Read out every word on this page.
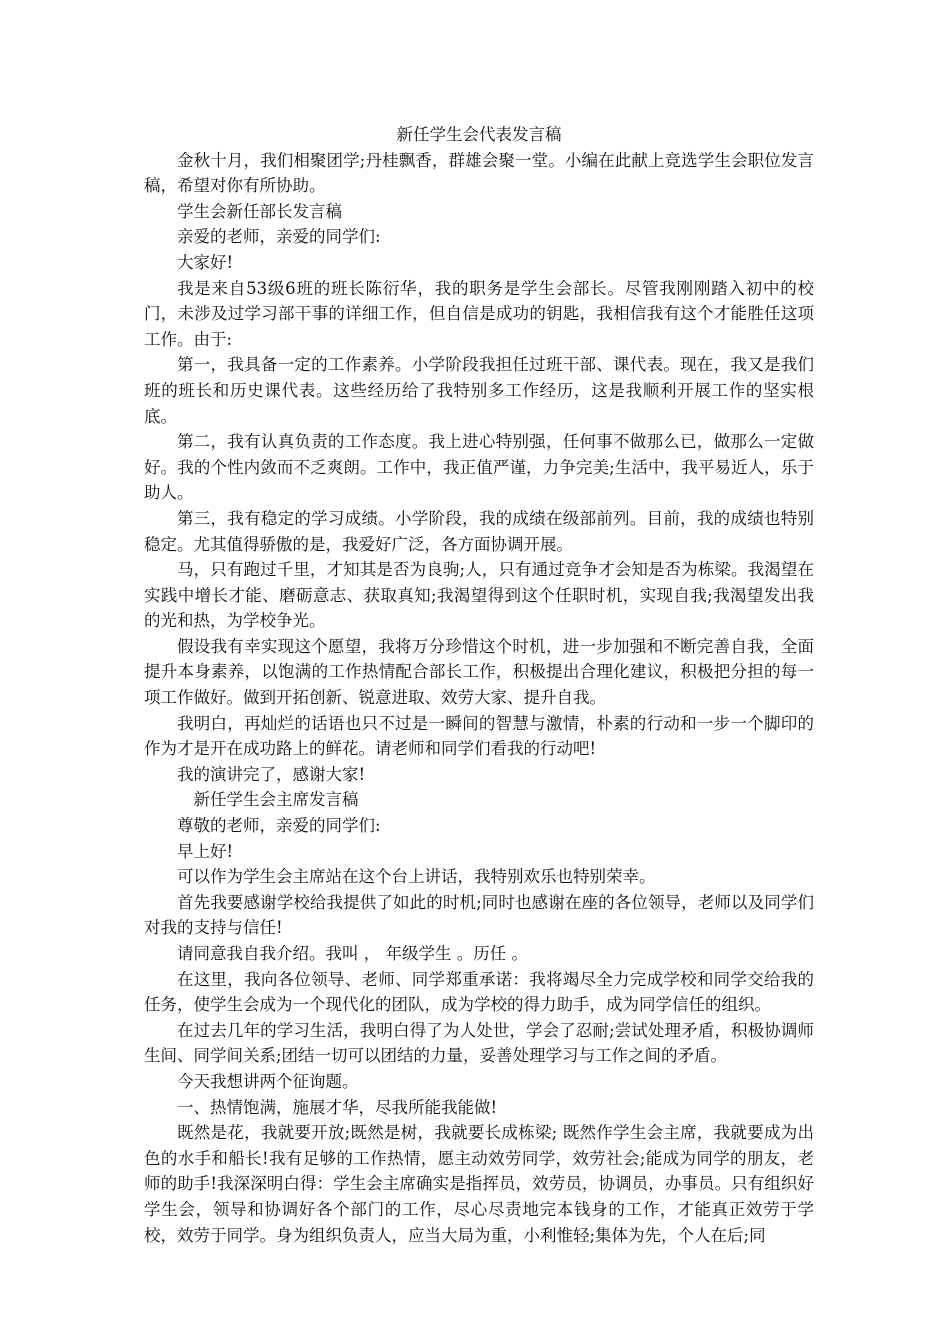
新任学生会代表发言稿

金秋十月，我们相聚团学;丹桂飘香，群雄会聚一堂。小编在此献上竞选学生会职位发言稿，希望对你有所协助。

学生会新任部长发言稿

亲爱的老师，亲爱的同学们:

大家好!

我是来自53级6班的班长陈衍华，我的职务是学生会部长。尽管我刚刚踏入初中的校门，未涉及过学习部干事的详细工作，但自信是成功的钥匙，我相信我有这个才能胜任这项工作。由于:

第一，我具备一定的工作素养。小学阶段我担任过班干部、课代表。现在，我又是我们班的班长和历史课代表。这些经历给了我特别多工作经历，这是我顺利开展工作的坚实根底。

第二，我有认真负责的工作态度。我上进心特别强，任何事不做那么已，做那么一定做好。我的个性内敛而不乏爽朗。工作中，我正值严谨，力争完美;生活中，我平易近人，乐于助人。

第三，我有稳定的学习成绩。小学阶段，我的成绩在级部前列。目前，我的成绩也特别稳定。尤其值得骄傲的是，我爱好广泛，各方面协调开展。

马，只有跑过千里，才知其是否为良驹;人，只有通过竞争才会知是否为栋梁。我渴望在实践中增长才能、磨砺意志、获取真知;我渴望得到这个任职时机，实现自我;我渴望发出我的光和热，为学校争光。

假设我有幸实现这个愿望，我将万分珍惜这个时机，进一步加强和不断完善自我，全面提升本身素养，以饱满的工作热情配合部长工作，积极提出合理化建议，积极把分担的每一项工作做好。做到开拓创新、锐意进取、效劳大家、提升自我。

我明白，再灿烂的话语也只不过是一瞬间的智慧与激情，朴素的行动和一步一个脚印的作为才是开在成功路上的鲜花。请老师和同学们看我的行动吧!

我的演讲完了，感谢大家!

新任学生会主席发言稿

尊敬的老师，亲爱的同学们:

早上好!

可以作为学生会主席站在这个台上讲话，我特别欢乐也特别荣幸。

首先我要感谢学校给我提供了如此的时机;同时也感谢在座的各位领导，老师以及同学们对我的支持与信任!

请同意我自我介绍。我叫 ， 年级学生 。历任 。

在这里，我向各位领导、老师、同学郑重承诺：我将竭尽全力完成学校和同学交给我的任务，使学生会成为一个现代化的团队，成为学校的得力助手，成为同学信任的组织。

在过去几年的学习生活，我明白得了为人处世，学会了忍耐;尝试处理矛盾，积极协调师生间、同学间关系;团结一切可以团结的力量，妥善处理学习与工作之间的矛盾。

今天我想讲两个征询题。

一、热情饱满，施展才华，尽我所能我能做!

既然是花，我就要开放;既然是树，我就要长成栋梁; 既然作学生会主席，我就要成为出色的水手和船长!我有足够的工作热情，愿主动效劳同学，效劳社会;能成为同学的朋友，老师的助手!我深深明白得：学生会主席确实是指挥员，效劳员，协调员，办事员。只有组织好学生会，领导和协调好各个部门的工作，尽心尽责地完本钱身的工作，才能真正效劳于学校，效劳于同学。身为组织负责人，应当大局为重，小利惟轻;集体为先，个人在后;同
